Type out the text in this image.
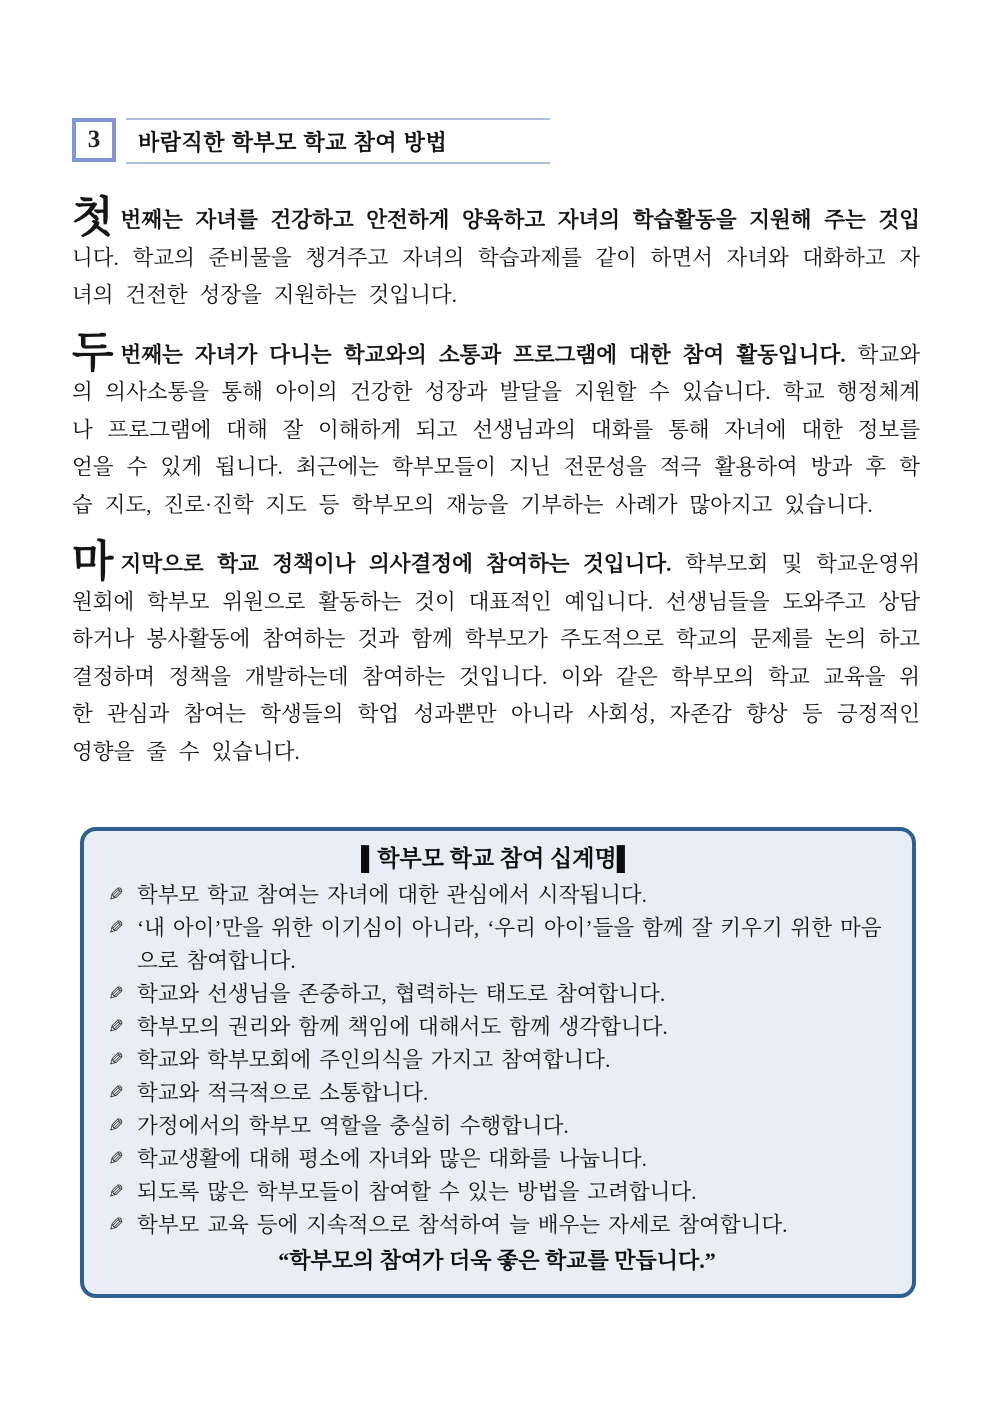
3 바람직한 학부모 학교 참여 방법

첫번째는 자녀를 건강하고 안전하게 양육하고 자녀의 학습활동을 지원해 주는 것입니다. 학교의 준비물을 챙겨주고 자녀의 학습과제를 같이 하면서 자녀와 대화하고 자녀의 건전한 성장을 지원하는 것입니다.

두번째는 자녀가 다니는 학교와의 소통과 프로그램에 대한 참여 활동입니다. 학교와의 의사소통을 통해 아이의 건강한 성장과 발달을 지원할 수 있습니다. 학교 행정체계나 프로그램에 대해 잘 이해하게 되고 선생님과의 대화를 통해 자녀에 대한 정보를 얻을 수 있게 됩니다. 최근에는 학부모들이 지닌 전문성을 적극 활용하여 방과 후 학습 지도, 진로·진학 지도 등 학부모의 재능을 기부하는 사례가 많아지고 있습니다.

마지막으로 학교 정책이나 의사결정에 참여하는 것입니다. 학부모회 및 학교운영위원회에 학부모 위원으로 활동하는 것이 대표적인 예입니다. 선생님들을 도와주고 상담하거나 봉사활동에 참여하는 것과 함께 학부모가 주도적으로 학교의 문제를 논의 하고 결정하며 정책을 개발하는데 참여하는 것입니다. 이와 같은 학부모의 학교 교육을 위한 관심과 참여는 학생들의 학업 성과뿐만 아니라 사회성, 자존감 향상 등 긍정적인 영향을 줄 수 있습니다.

▌학부모 학교 참여 십계명▌
✎ 학부모 학교 참여는 자녀에 대한 관심에서 시작됩니다.
✎ ‘내 아이’만을 위한 이기심이 아니라, ‘우리 아이’들을 함께 잘 키우기 위한 마음으로 참여합니다.
✎ 학교와 선생님을 존중하고, 협력하는 태도로 참여합니다.
✎ 학부모의 권리와 함께 책임에 대해서도 함께 생각합니다.
✎ 학교와 학부모회에 주인의식을 가지고 참여합니다.
✎ 학교와 적극적으로 소통합니다.
✎ 가정에서의 학부모 역할을 충실히 수행합니다.
✎ 학교생활에 대해 평소에 자녀와 많은 대화를 나눕니다.
✎ 되도록 많은 학부모들이 참여할 수 있는 방법을 고려합니다.
✎ 학부모 교육 등에 지속적으로 참석하여 늘 배우는 자세로 참여합니다.
“학부모의 참여가 더욱 좋은 학교를 만듭니다.”
